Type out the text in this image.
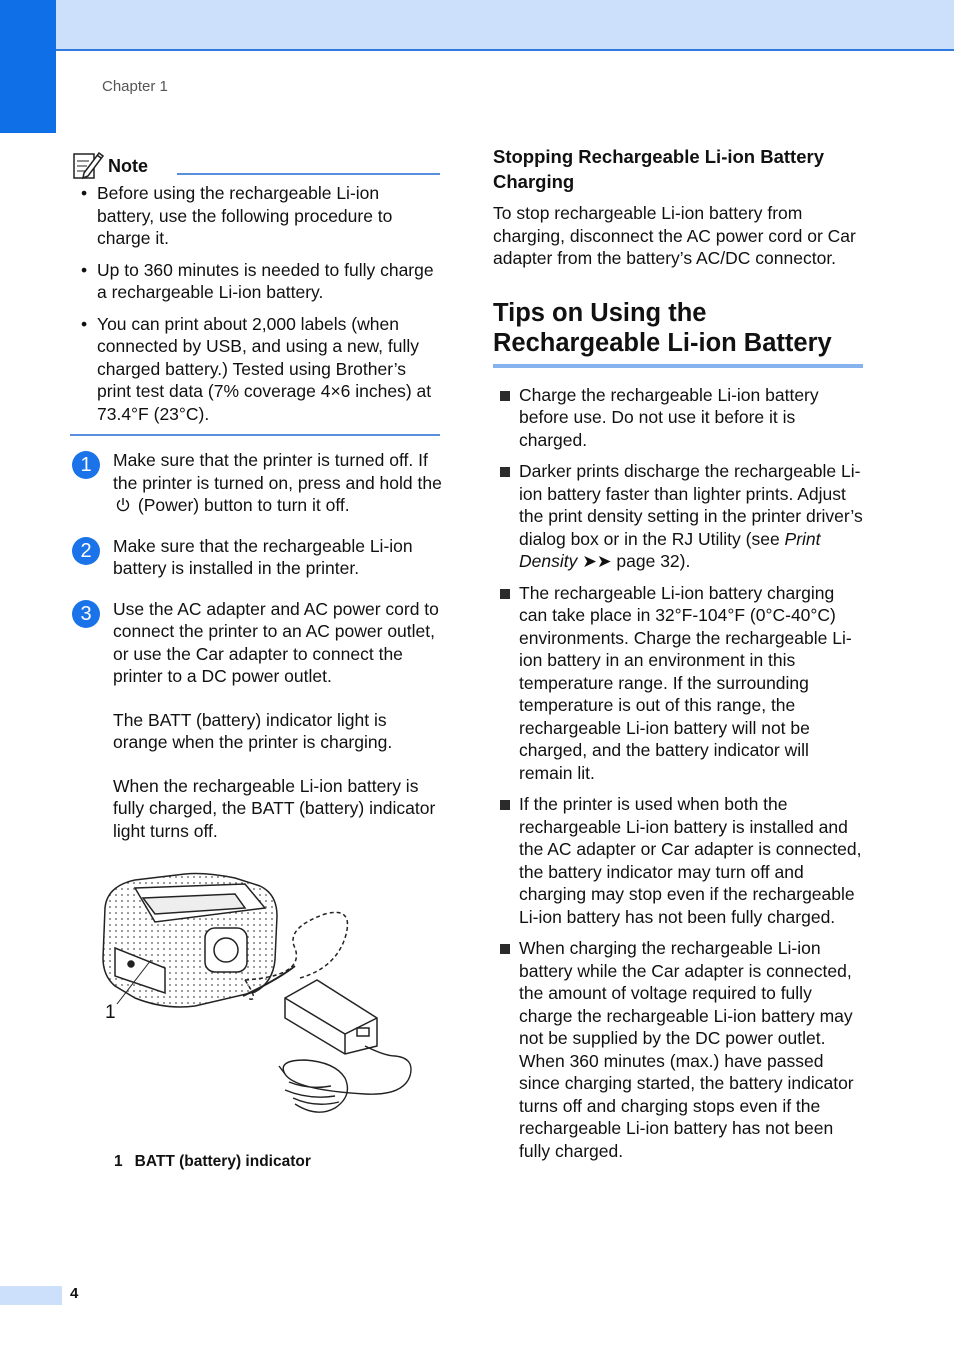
Chapter 1
Note
• Before using the rechargeable Li-ion battery, use the following procedure to charge it.
• Up to 360 minutes is needed to fully charge a rechargeable Li-ion battery.
• You can print about 2,000 labels (when connected by USB, and using a new, fully charged battery.) Tested using Brother’s print test data (7% coverage 4×6 inches) at 73.4°F (23°C).
1	Make sure that the printer is turned off. If the printer is turned on, press and hold the  (Power) button to turn it off.

2	Make sure that the rechargeable Li-ion battery is installed in the printer.

3	Use the AC adapter and AC power cord to connect the printer to an AC power outlet, or use the Car adapter to connect the printer to a DC power outlet.

The BATT (battery) indicator light is orange when the printer is charging.

When the rechargeable Li-ion battery is fully charged, the BATT (battery) indicator light turns off.

1
1 BATT (battery) indicator
Stopping Rechargeable Li-ion Battery Charging

To stop rechargeable Li-ion battery from charging, disconnect the AC power cord or Car adapter from the battery’s AC/DC connector.

Tips on Using the Rechargeable Li-ion Battery
Charge the rechargeable Li-ion battery before use. Do not use it before it is charged.
Darker prints discharge the rechargeable Li-ion battery faster than lighter prints. Adjust the print density setting in the printer driver’s dialog box or in the RJ Utility (see Print Density ➤➤ page 32).
The rechargeable Li-ion battery charging can take place in 32°F-104°F (0°C-40°C) environments. Charge the rechargeable Li-ion battery in an environment in this temperature range. If the surrounding temperature is out of this range, the rechargeable Li-ion battery will not be charged, and the battery indicator will remain lit.
If the printer is used when both the rechargeable Li-ion battery is installed and the AC adapter or Car adapter is connected, the battery indicator may turn off and charging may stop even if the rechargeable Li-ion battery has not been fully charged.
When charging the rechargeable Li-ion battery while the Car adapter is connected, the amount of voltage required to fully charge the rechargeable Li-ion battery may not be supplied by the DC power outlet. When 360 minutes (max.) have passed since charging started, the battery indicator turns off and charging stops even if the rechargeable Li-ion battery has not been fully charged.
4
